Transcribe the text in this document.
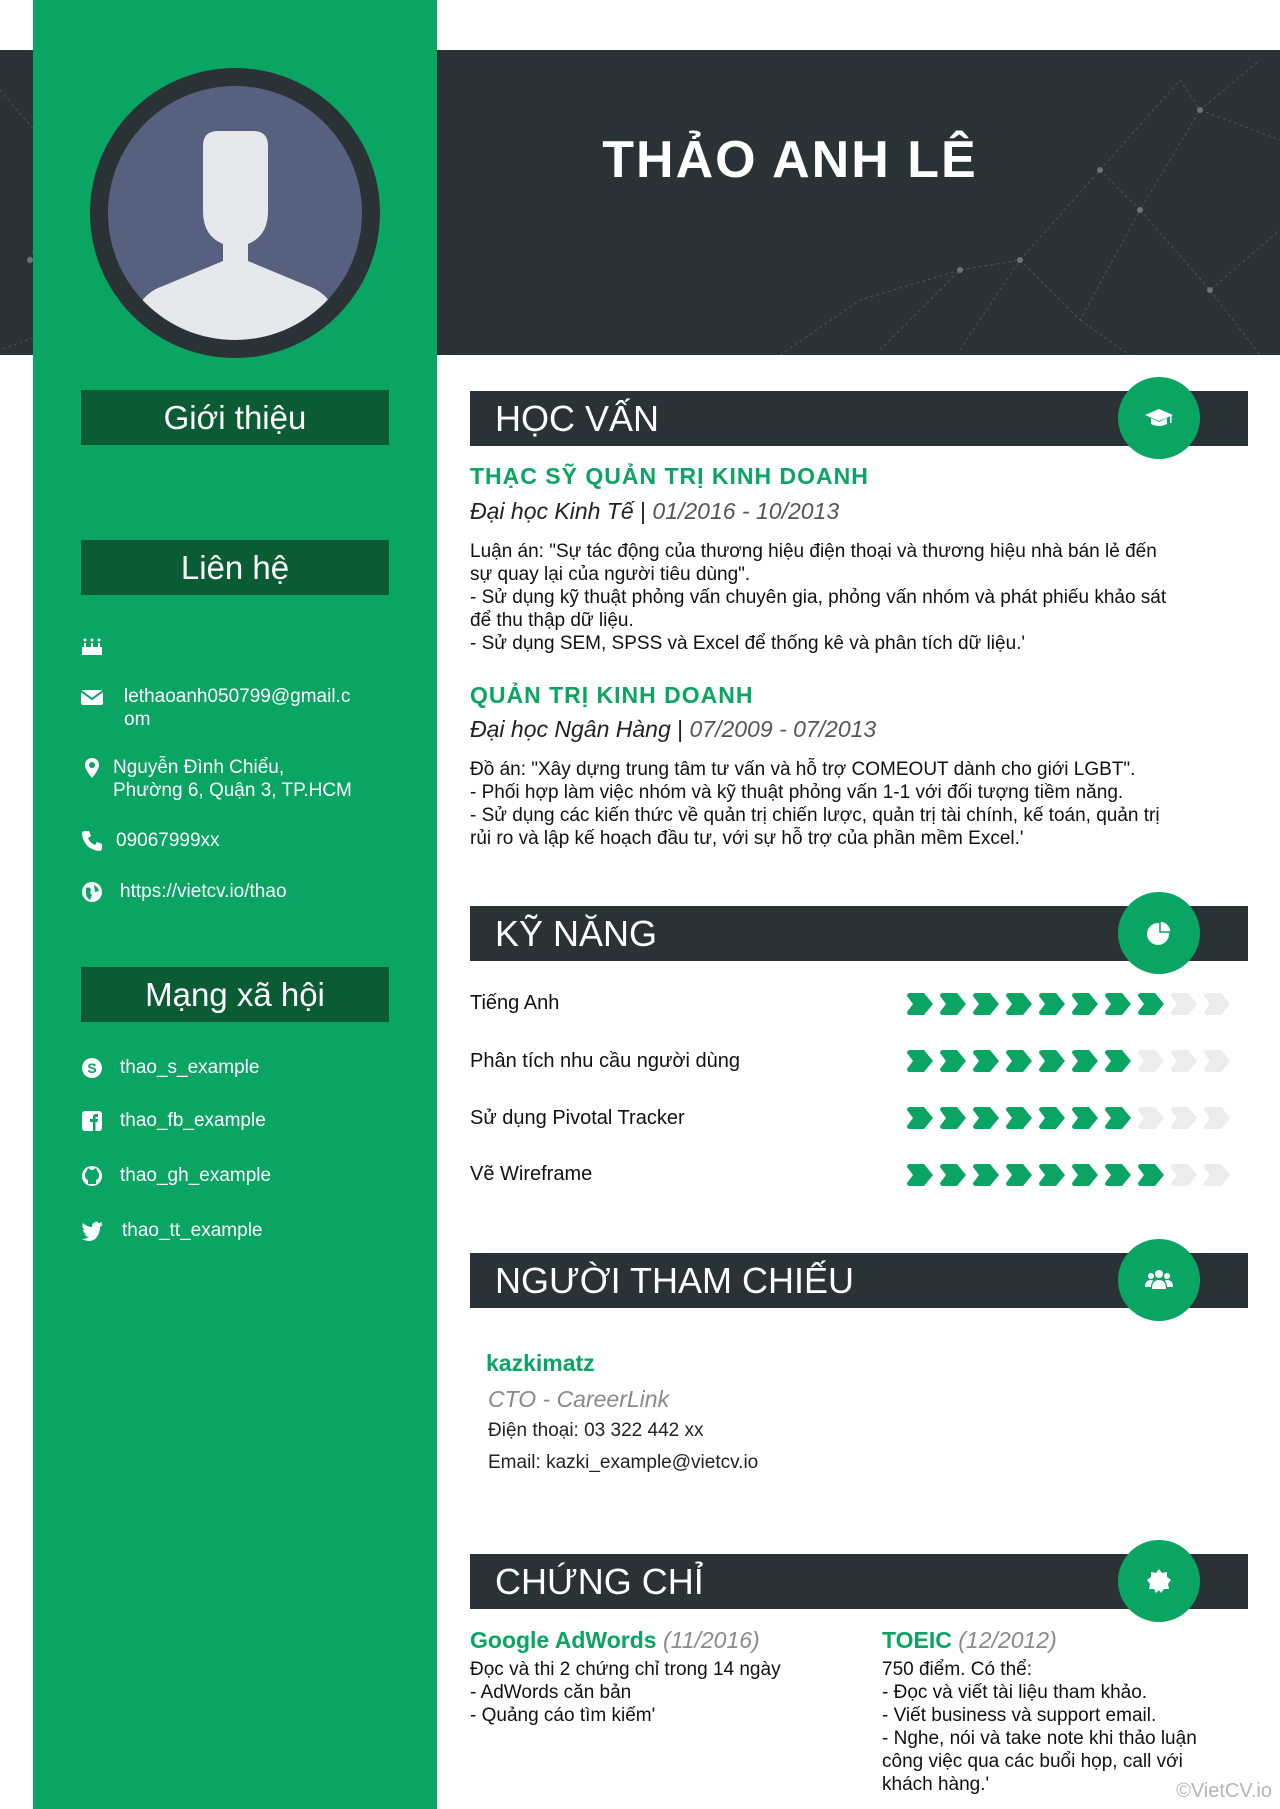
THẢO ANH LÊ
Giới thiệu
Liên hệ
lethaoanh050799@gmail.c
om
Nguyễn Đình Chiểu,
Phường 6, Quận 3, TP.HCM
09067999xx
https://vietcv.io/thao
Mạng xã hội
S thao_s_example
thao_fb_example
thao_gh_example
thao_tt_example
HỌC VẤN
THẠC SỸ QUẢN TRỊ KINH DOANH
Đại học Kinh Tế | 01/2016 - 10/2013
Luận án: "Sự tác động của thương hiệu điện thoại và thương hiệu nhà bán lẻ đến
sự quay lại của người tiêu dùng".
- Sử dụng kỹ thuật phỏng vấn chuyên gia, phỏng vấn nhóm và phát phiếu khảo sát
để thu thập dữ liệu.
- Sử dụng SEM, SPSS và Excel để thống kê và phân tích dữ liệu.'
QUẢN TRỊ KINH DOANH
Đại học Ngân Hàng | 07/2009 - 07/2013
Đồ án: "Xây dựng trung tâm tư vấn và hỗ trợ COMEOUT dành cho giới LGBT".
- Phối hợp làm việc nhóm và kỹ thuật phỏng vấn 1-1 với đối tượng tiềm năng.
- Sử dụng các kiến thức về quản trị chiến lược, quản trị tài chính, kế toán, quản trị
rủi ro và lập kế hoạch đầu tư, với sự hỗ trợ của phần mềm Excel.'
KỸ NĂNG
Tiếng Anh
Phân tích nhu cầu người dùng
Sử dụng Pivotal Tracker
Vẽ Wireframe
NGƯỜI THAM CHIẾU
kazkimatz
CTO - CareerLink
Điện thoại: 03 322 442 xx
Email: kazki_example@vietcv.io
CHỨNG CHỈ
Google AdWords (11/2016)
Đọc và thi 2 chứng chỉ trong 14 ngày
- AdWords căn bản
- Quảng cáo tìm kiếm'
TOEIC (12/2012)
750 điểm. Có thể:
- Đọc và viết tài liệu tham khảo.
- Viết business và support email.
- Nghe, nói và take note khi thảo luận
công việc qua các buổi họp, call với
khách hàng.'	©VietCV.io
